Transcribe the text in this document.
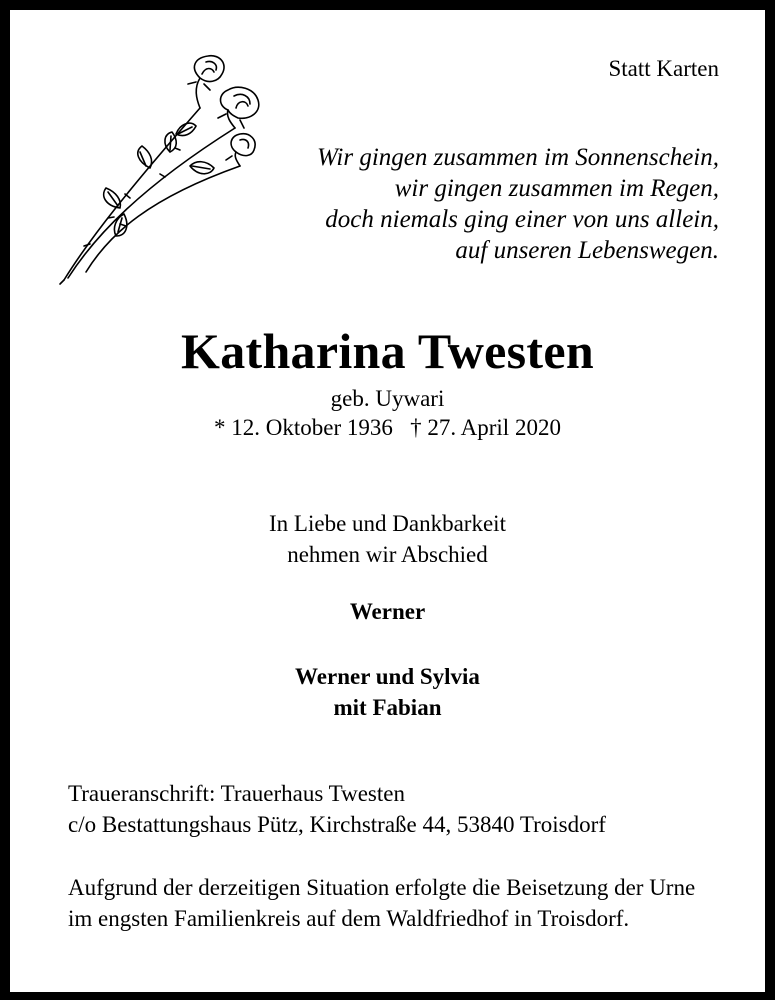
Statt Karten
Wir gingen zusammen im Sonnenschein,
wir gingen zusammen im Regen,
doch niemals ging einer von uns allein,
auf unseren Lebenswegen.
Katharina Twesten
geb. Uywari
* 12. Oktober 1936   † 27. April 2020
In Liebe und Dankbarkeit
nehmen wir Abschied
Werner
Werner und Sylvia
mit Fabian
Traueranschrift: Trauerhaus Twesten
c/o Bestattungshaus Pütz, Kirchstraße 44, 53840 Troisdorf
Aufgrund der derzeitigen Situation erfolgte die Beisetzung der Urne im engsten Familienkreis auf dem Waldfriedhof in Troisdorf.
